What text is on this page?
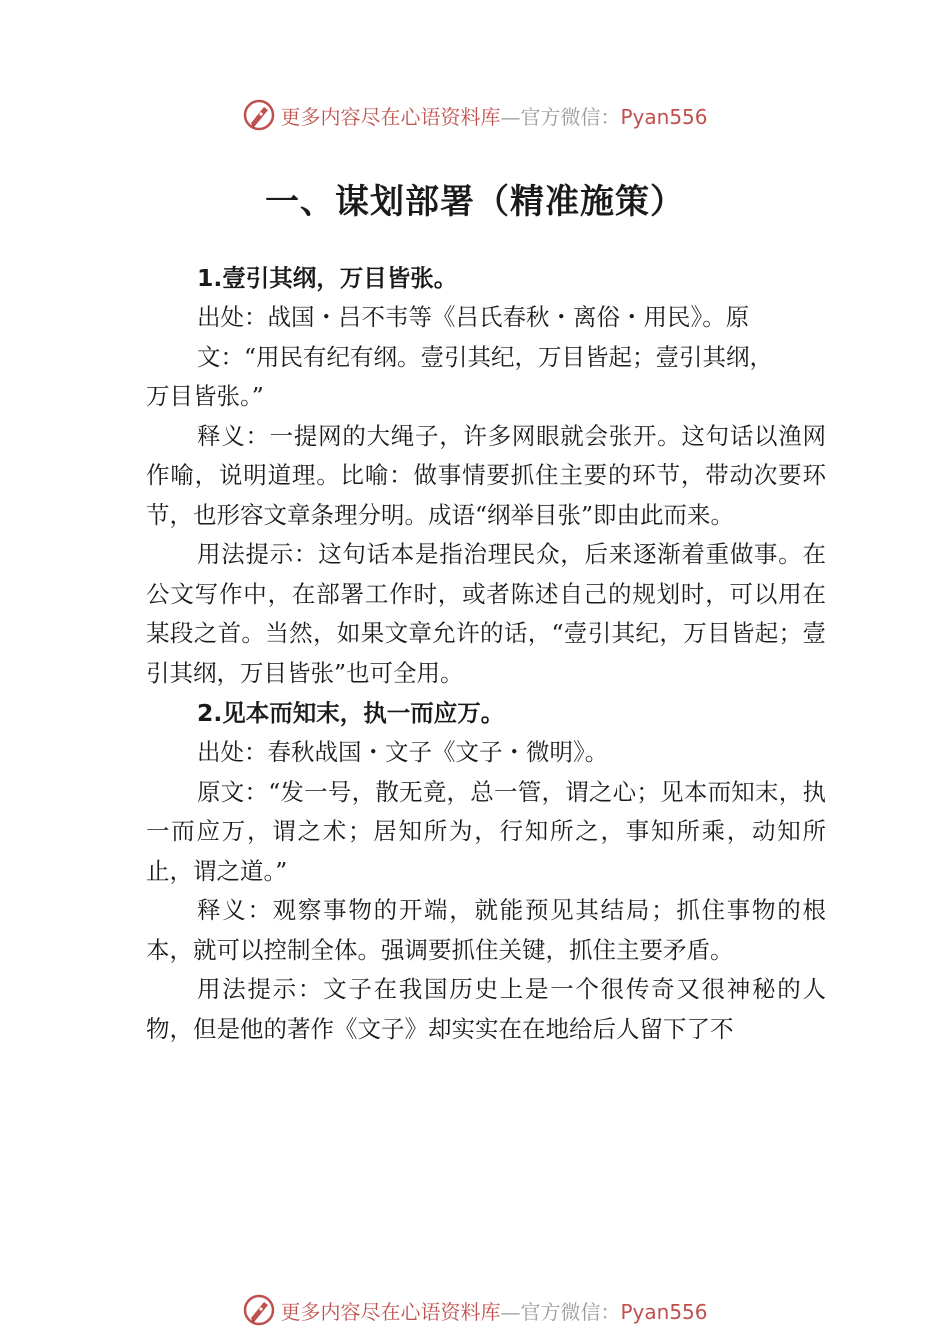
更多内容尽在心语资料库—官方微信：Pyan556
一、谋划部署（精准施策）
1.壹引其纲，万目皆张。

出处：战国・吕不韦等《吕氏春秋・离俗・用民》。原

文：“用民有纪有纲。壹引其纪，万目皆起；壹引其纲，

万目皆张。”

释义：一提网的大绳子，许多网眼就会张开。这句话以渔网作喻，说明道理。比喻：做事情要抓住主要的环节，带动次要环节，也形容文章条理分明。成语“纲举目张”即由此而来。

用法提示：这句话本是指治理民众，后来逐渐着重做事。在公文写作中，在部署工作时，或者陈述自己的规划时，可以用在某段之首。当然，如果文章允许的话，“壹引其纪，万目皆起；壹引其纲，万目皆张”也可全用。

2.见本而知末，执一而应万。

出处：春秋战国・文子《文子・微明》。

原文：“发一号，散无竟，总一管，谓之心；见本而知末，执一而应万，谓之术；居知所为，行知所之，事知所乘，动知所止，谓之道。”

释义：观察事物的开端，就能预见其结局；抓住事物的根本，就可以控制全体。强调要抓住关键，抓住主要矛盾。

用法提示：文子在我国历史上是一个很传奇又很神秘的人物，但是他的著作《文子》却实实在在地给后人留下了不

更多内容尽在心语资料库—官方微信：Pyan556
